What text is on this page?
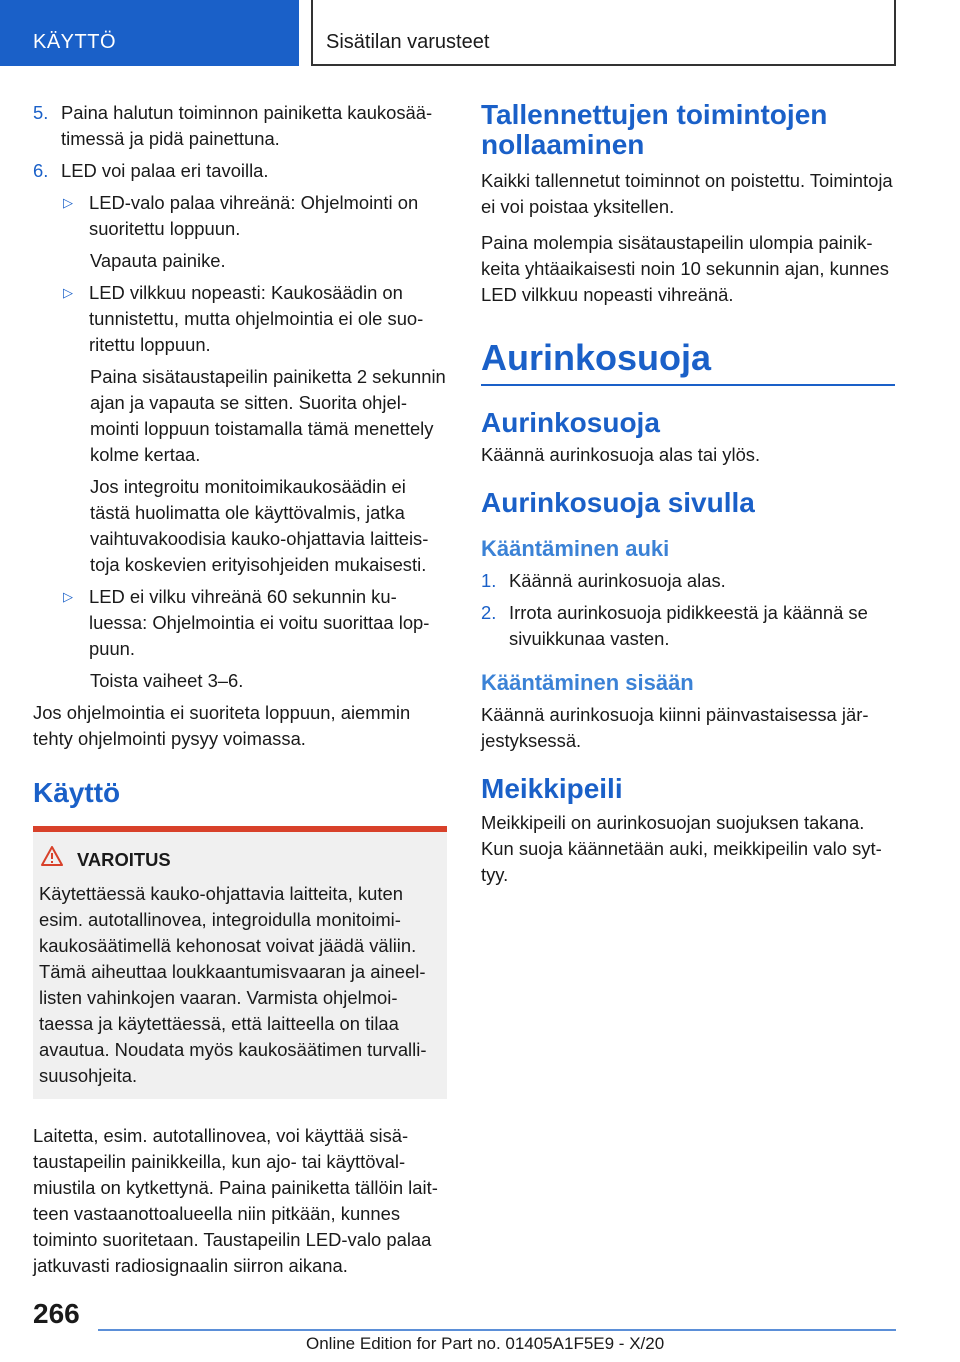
KÄYTTÖ	Sisätilan varusteet
5. Paina halutun toiminnon painiketta kaukosäätimessä ja pidä painettuna.
6. LED voi palaa eri tavoilla.
▷ LED-valo palaa vihreänä: Ohjelmointi on suoritettu loppuun.
Vapauta painike.
▷ LED vilkkuu nopeasti: Kaukosäädin on tunnistettu, mutta ohjelmointia ei ole suoritettu loppuun.
Paina sisätaustapeilin painiketta 2 sekunnin ajan ja vapauta se sitten. Suorita ohjelmointi loppuun toistamalla tämä menettely kolme kertaa.
Jos integroitu monitoimikaukosäädin ei tästä huolimatta ole käyttövalmis, jatka vaihtuvakoodisia kauko-ohjattavia laitteistoja koskevien erityisohjeiden mukaisesti.
▷ LED ei vilku vihreänä 60 sekunnin kuluessa: Ohjelmointia ei voitu suorittaa loppuun.
Toista vaiheet 3–6.

Jos ohjelmointia ei suoriteta loppuun, aiemmin tehty ohjelmointi pysyy voimassa.

Käyttö
VAROITUS
Käytettäessä kauko-ohjattavia laitteita, kuten esim. autotallinovea, integroidulla monitoimikaukosäätimellä kehonosat voivat jäädä väliin. Tämä aiheuttaa loukkaantumisvaaran ja aineellisten vahinkojen vaaran. Varmista ohjelmoitaessa ja käytettäessä, että laitteella on tilaa avautua. Noudata myös kaukosäätimen turvallisuusohjeita.

Laitetta, esim. autotallinovea, voi käyttää sisätaustapeilin painikkeilla, kun ajo- tai käyttövalmiustila on kytkettynä. Paina painiketta tällöin laitteen vastaanottoalueella niin pitkään, kunnes toiminto suoritetaan. Taustapeilin LED-valo palaa jatkuvasti radiosignaalin siirron aikana.

Tallennettujen toimintojen nollaaminen

Kaikki tallennetut toiminnot on poistettu. Toimintoja ei voi poistaa yksitellen.

Paina molempia sisätaustapeilin ulompia painikkeita yhtäaikaisesti noin 10 sekunnin ajan, kunnes LED vilkkuu nopeasti vihreänä.

Aurinkosuoja
Aurinkosuoja

Käännä aurinkosuoja alas tai ylös.

Aurinkosuoja sivulla
Kääntäminen auki
1. Käännä aurinkosuoja alas.
2. Irrota aurinkosuoja pidikkeestä ja käännä se sivuikkunaa vasten.
Kääntäminen sisään

Käännä aurinkosuoja kiinni päinvastaisessa järjestyksessä.

Meikkipeili

Meikkipeili on aurinkosuojan suojuksen takana. Kun suoja käännetään auki, meikkipeilin valo syttyy.

266
Online Edition for Part no. 01405A1F5E9 - X/20
